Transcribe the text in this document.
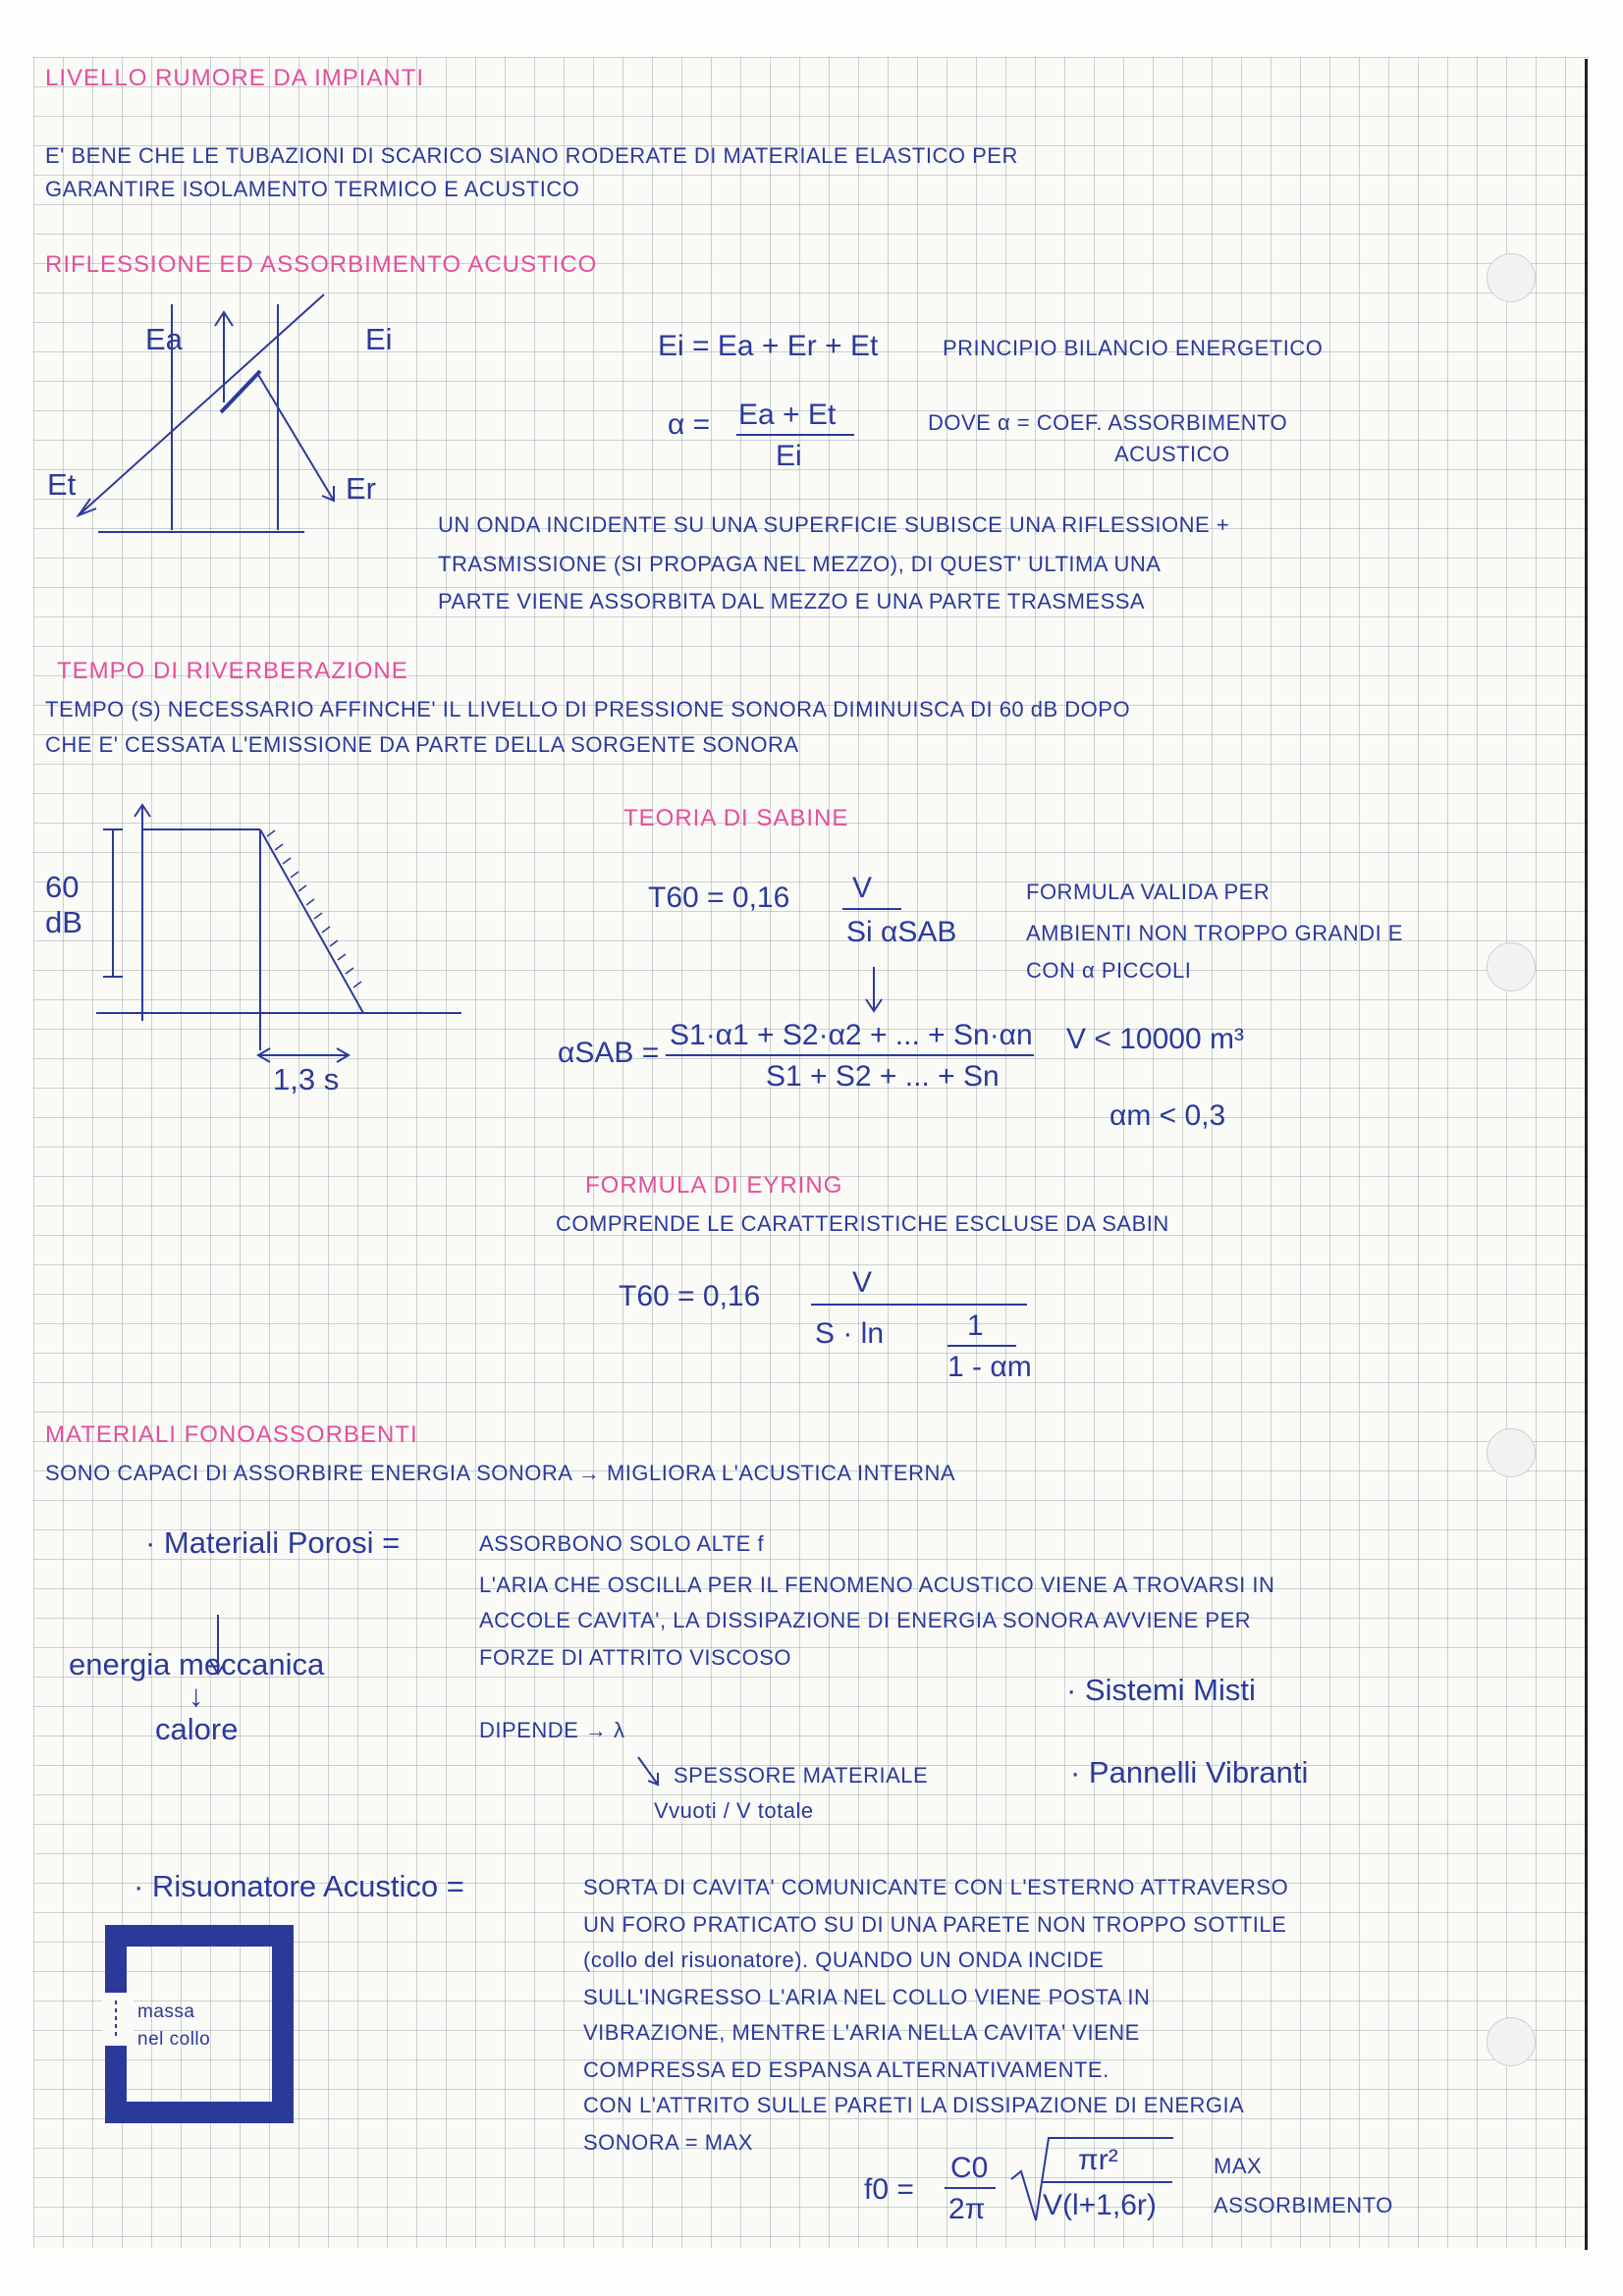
LIVELLO RUMORE DA IMPIANTI
E' BENE CHE LE TUBAZIONI DI SCARICO SIANO RODERATE DI MATERIALE ELASTICO PER
GARANTIRE ISOLAMENTO TERMICO E ACUSTICO
RIFLESSIONE ED ASSORBIMENTO ACUSTICO
Ea	Ei
Et	Er
Ei = Ea + Er + Et	PRINCIPIO BILANCIO ENERGETICO
α = Ea + Et
Ei
DOVE α = COEF. ASSORBIMENTO
ACUSTICO
UN ONDA INCIDENTE SU UNA SUPERFICIE SUBISCE UNA RIFLESSIONE +
TRASMISSIONE (SI PROPAGA NEL MEZZO), DI QUEST' ULTIMA UNA
PARTE VIENE ASSORBITA DAL MEZZO E UNA PARTE TRASMESSA
TEMPO DI RIVERBERAZIONE
TEMPO (S) NECESSARIO AFFINCHE' IL LIVELLO DI PRESSIONE SONORA DIMINUISCA DI 60 dB DOPO
CHE E' CESSATA L'EMISSIONE DA PARTE DELLA SORGENTE SONORA
60
dB
1,3 s
TEORIA DI SABINE
T60 = 0,16 V
Si αSAB
FORMULA VALIDA PER
AMBIENTI NON TROPPO GRANDI E
CON α PICCOLI
αSAB =
S1·α1 + S2·α2 + ... + Sn·αn
S1 + S2 + ... + Sn
V < 10000 m³
αm < 0,3
FORMULA DI EYRING
COMPRENDE LE CARATTERISTICHE ESCLUSE DA SABIN
T60 = 0,16	V
S · ln	1
1 - αm
MATERIALI FONOASSORBENTI
SONO CAPACI DI ASSORBIRE ENERGIA SONORA → MIGLIORA L'ACUSTICA INTERNA
· Materiali Porosi =	ASSORBONO SOLO ALTE f
L'ARIA CHE OSCILLA PER IL FENOMENO ACUSTICO VIENE A TROVARSI IN
ACCOLE CAVITA', LA DISSIPAZIONE DI ENERGIA SONORA AVVIENE PER
FORZE DI ATTRITO VISCOSO
energia meccanica
↓
calore	DIPENDE → λ
SPESSORE MATERIALE
Vvuoti / V totale
· Sistemi Misti
· Pannelli Vibranti
· Risuonatore Acustico =	SORTA DI CAVITA' COMUNICANTE CON L'ESTERNO ATTRAVERSO
UN FORO PRATICATO SU DI UNA PARETE NON TROPPO SOTTILE
(collo del risuonatore). QUANDO UN ONDA INCIDE
SULL'INGRESSO L'ARIA NEL COLLO VIENE POSTA IN
VIBRAZIONE, MENTRE L'ARIA NELLA CAVITA' VIENE
COMPRESSA ED ESPANSA ALTERNATIVAMENTE.
CON L'ATTRITO SULLE PARETI LA DISSIPAZIONE DI ENERGIA
SONORA = MAX
massa
nel collo
f0 =
C0
2π
πr²
V(l+1,6r)
MAX
ASSORBIMENTO
